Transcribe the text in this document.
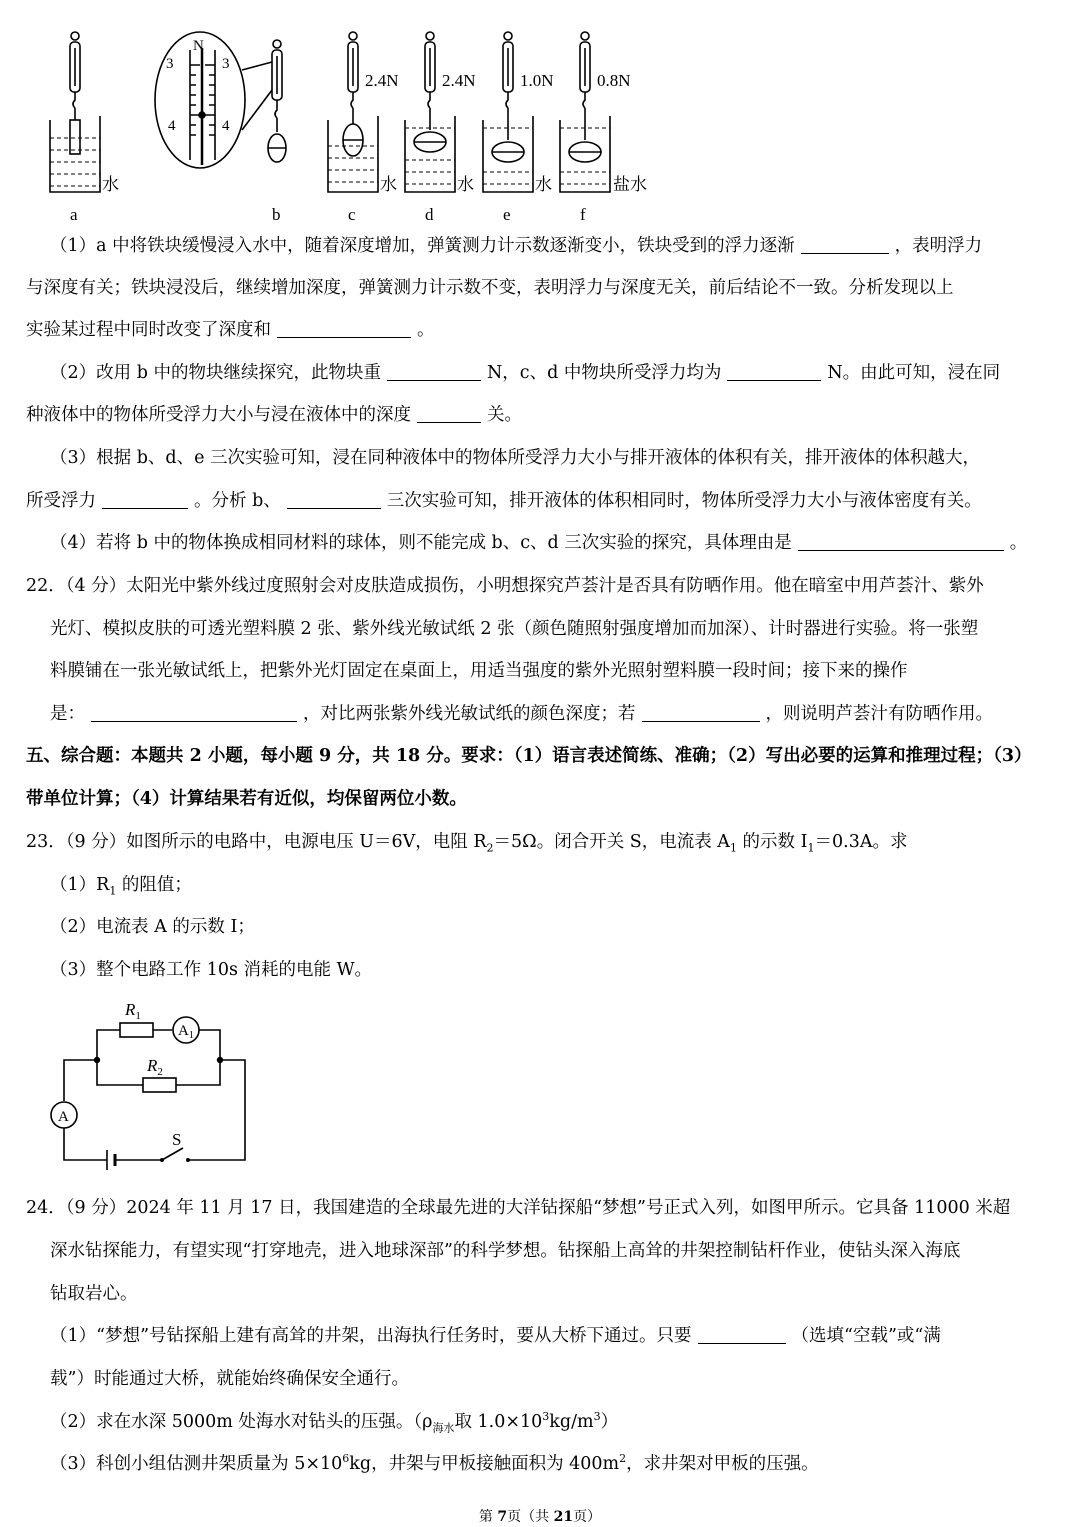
2.4N	2.4N	1.0N	0.8N
N
3	3
4	4
水	水	水	水	盐水
a	b	c	d	e	f
（1）a 中将铁块缓慢浸入水中，随着深度增加，弹簧测力计示数逐渐变小，铁块受到的浮力逐渐	，表明浮力
与深度有关；铁块浸没后，继续增加深度，弹簧测力计示数不变，表明浮力与深度无关，前后结论不一致。分析发现以上
实验某过程中同时改变了深度和	。
（2）改用 b 中的物块继续探究，此物块重	N，c、d 中物块所受浮力均为	N。由此可知，浸在同
种液体中的物体所受浮力大小与浸在液体中的深度	关。
（3）根据 b、d、e 三次实验可知，浸在同种液体中的物体所受浮力大小与排开液体的体积有关，排开液体的体积越大，
所受浮力	。分析 b、	三次实验可知，排开液体的体积相同时，物体所受浮力大小与液体密度有关。
（4）若将 b 中的物体换成相同材料的球体，则不能完成 b、c、d 三次实验的探究，具体理由是	。
22．（4 分）太阳光中紫外线过度照射会对皮肤造成损伤，小明想探究芦荟汁是否具有防晒作用。他在暗室中用芦荟汁、紫外
光灯、模拟皮肤的可透光塑料膜 2 张、紫外线光敏试纸 2 张（颜色随照射强度增加而加深）、计时器进行实验。将一张塑
料膜铺在一张光敏试纸上，把紫外光灯固定在桌面上，用适当强度的紫外光照射塑料膜一段时间；接下来的操作
是：	，对比两张紫外线光敏试纸的颜色深度；若	，则说明芦荟汁有防晒作用。
五、综合题：本题共 2 小题，每小题 9 分，共 18 分。要求：（1）语言表述简练、准确；（2）写出必要的运算和推理过程；（3）
带单位计算；（4）计算结果若有近似，均保留两位小数。
23．（9 分）如图所示的电路中，电源电压 U＝6V，电阻 $R_2=5\Omega$。闭合开关 S，电流表 $A_1$ 的示数 $I_1=0.3A$。求
$(1)R_1$ 的阻值；
（2）电流表 A 的示数 I；
（3）整个电路工作 10s 消耗的电能 W。
$R_1$
$R_2$
$A_1$
A
S
24．（9 分）2024 年 11 月 17 日，我国建造的全球最先进的大洋钻探船“梦想”号正式入列，如图甲所示。它具备 11000 米超
深水钻探能力，有望实现“打穿地壳，进入地球深部”的科学梦想。钻探船上高耸的井架控制钻杆作业，使钻头深入海底
钻取岩心。
（1）“梦想”号钻探船上建有高耸的井架，出海执行任务时，要从大桥下通过。只要	（选填“空载”或“满
载”）时能通过大桥，就能始终确保安全通行。
（2）求在水深 5000m 处海水对钻头的压强。（$\rho_{海水}$取 $1.0\times 10^3kg/m^3$）
（3）科创小组估测井架质量为 $5\times 10^6kg$，井架与甲板接触面积为 $400m^2$，求井架对甲板的压强。
第 7页（共 21页）
